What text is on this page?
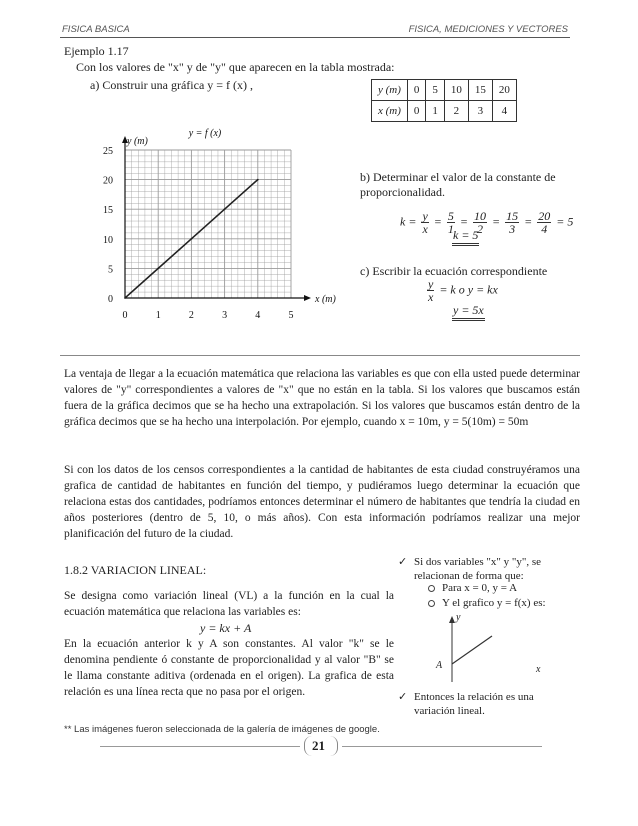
FISICA BASICA	FISICA, MEDICIONES Y VECTORES
Ejemplo 1.17
Con los valores de "x" y de "y" que aparecen en la tabla mostrada:
a) Construir una gráfica y = f (x) ,	y (m)	0	5	10	15	20
x (m)	0	1	2	3	4
0	1	2	3	4	5
0
5
10
15
20
25
y = f (x)
y (m)
x (m)
b) Determinar el valor de la constante de proporcionalidad.
$k = \frac{y}{x} = \frac{5}{1} = \frac{10}{2} = \frac{15}{3} = \frac{20}{4} = 5$
k = 5
c) Escribir la ecuación correspondiente
$\frac{y}{x} = k$ o y = kx
y = 5x
La ventaja de llegar a la ecuación matemática que relaciona las variables es que con ella usted puede determinar valores de "y" correspondientes a valores de "x" que no están en la tabla. Si los valores que buscamos están fuera de la gráfica decimos que se ha hecho una extrapolación. Si los valores que buscamos están dentro de la gráfica decimos que se ha hecho una interpolación. Por ejemplo, cuando x = 10m, y = 5(10m) = 50m
Si con los datos de los censos correspondientes a la cantidad de habitantes de esta ciudad construyéramos una grafica de cantidad de habitantes en función del tiempo, y pudiéramos luego determinar la ecuación que relaciona estas dos cantidades, podríamos entonces determinar el número de habitantes que tendría la ciudad en años posteriores (dentro de 5, 10, o más años). Con esta información podríamos realizar una mejor planificación del futuro de la ciudad.
1.8.2 VARIACION LINEAL:
Se designa como variación lineal (VL) a la función en la cual la ecuación matemática que relaciona las variables es:
y = kx + A
En la ecuación anterior k y A son constantes. Al valor "k" se le denomina pendiente ó constante de proporcionalidad y al valor "B" se le llama constante aditiva (ordenada en el origen). La grafica de esta relación es una línea recta que no pasa por el origen.
✓ Si dos variables "x" y "y", se relacionan de forma que:
Para x = 0, y = A
Y el grafico y = f(x) es:
y
A	x
✓ Entonces la relación es una variación lineal.
** Las imágenes fueron seleccionada de la galería de imágenes de google.
21
